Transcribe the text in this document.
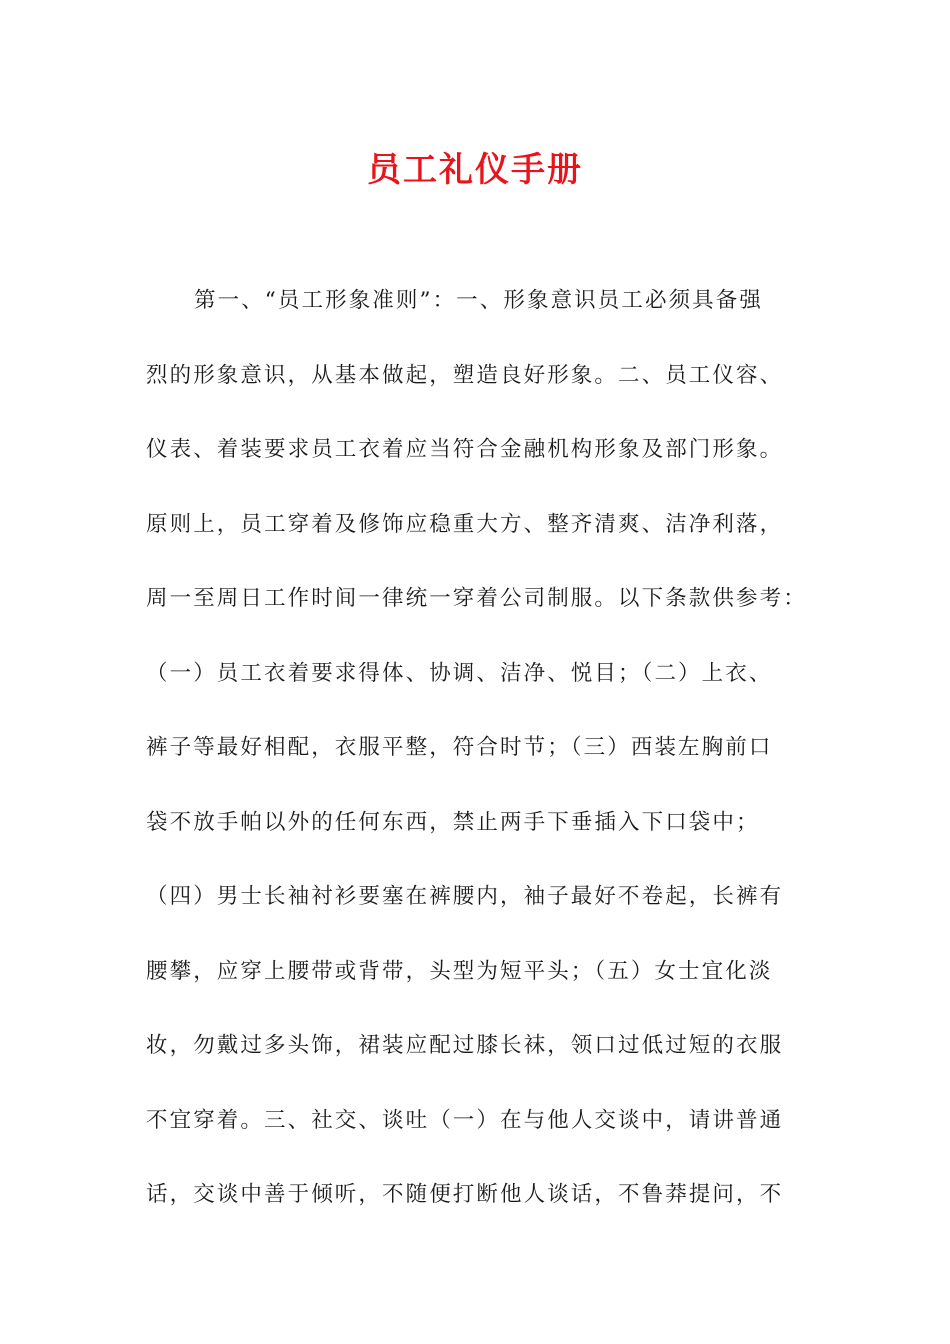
员工礼仪手册
第一、“员工形象准则”：一、形象意识员工必须具备强
烈的形象意识，从基本做起，塑造良好形象。二、员工仪容、
仪表、着装要求员工衣着应当符合金融机构形象及部门形象。
原则上，员工穿着及修饰应稳重大方、整齐清爽、洁净利落，
周一至周日工作时间一律统一穿着公司制服。以下条款供参考：
（一）员工衣着要求得体、协调、洁净、悦目；（二）上衣、
裤子等最好相配，衣服平整，符合时节；（三）西装左胸前口
袋不放手帕以外的任何东西，禁止两手下垂插入下口袋中；
（四）男士长袖衬衫要塞在裤腰内，袖子最好不卷起，长裤有
腰攀，应穿上腰带或背带，头型为短平头；（五）女士宜化淡
妆，勿戴过多头饰，裙装应配过膝长袜，领口过低过短的衣服
不宜穿着。三、社交、谈吐（一）在与他人交谈中，请讲普通
话，交谈中善于倾听，不随便打断他人谈话，不鲁莽提问，不
